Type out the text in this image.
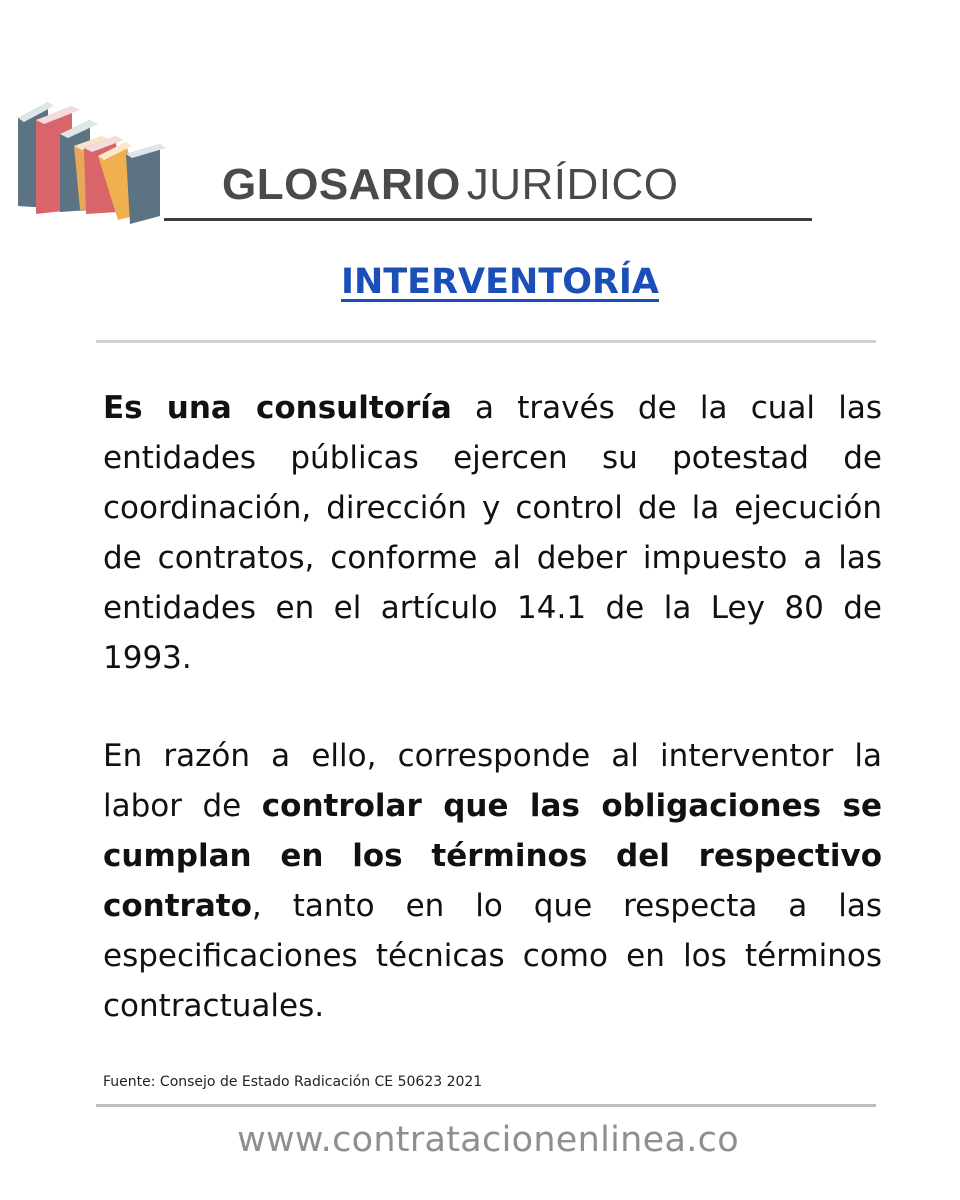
GLOSARIO JURÍDICO
INTERVENTORÍA

Es una consultoría a través de la cual las entidades públicas ejercen su potestad de coordinación, dirección y control de la ejecución de contratos, conforme al deber impuesto a las entidades en el artículo 14.1 de la Ley 80 de 1993.

En razón a ello, corresponde al interventor la labor de controlar que las obligaciones se cumplan en los términos del respectivo contrato, tanto en lo que respecta a las especificaciones técnicas como en los términos contractuales.

Fuente: Consejo de Estado Radicación CE 50623 2021
www.contratacionenlinea.co
